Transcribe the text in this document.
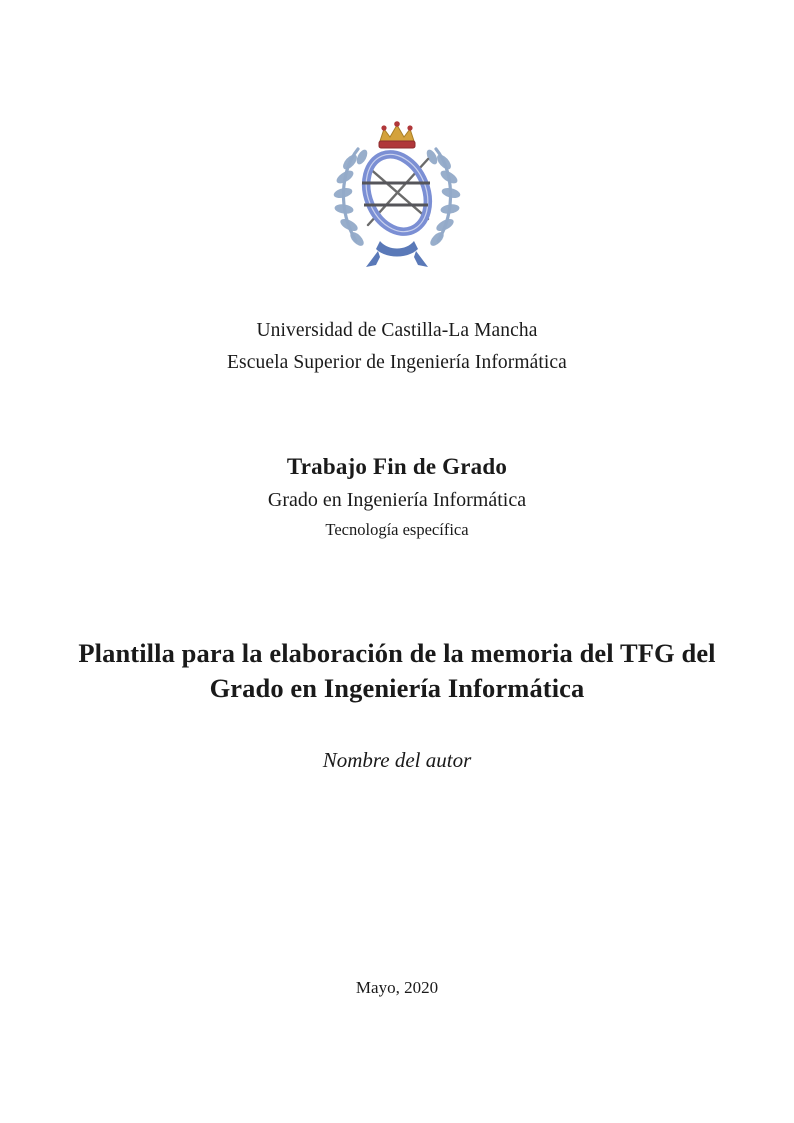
Universidad de Castilla-La Mancha
Escuela Superior de Ingeniería Informática
Trabajo Fin de Grado
Grado en Ingeniería Informática
Tecnología específica
Plantilla para la elaboración de la memoria del TFG del Grado en Ingeniería Informática
Nombre del autor
Mayo, 2020
